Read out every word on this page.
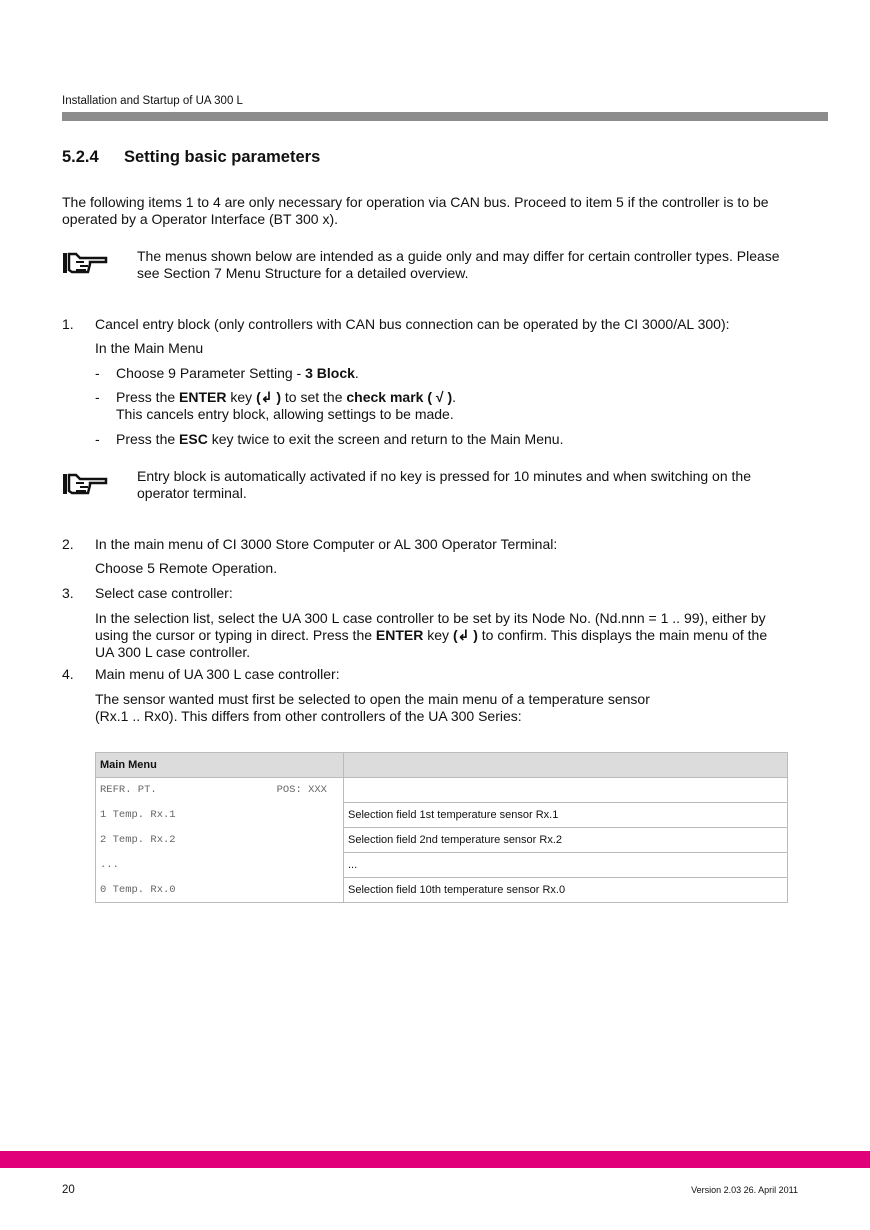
Installation and Startup of UA 300 L
5.2.4 Setting basic parameters
The following items 1 to 4 are only necessary for operation via CAN bus. Proceed to item 5 if the controller is to be operated by a Operator Interface (BT 300 x).
The menus shown below are intended as a guide only and may differ for certain controller types. Please see Section 7 Menu Structure for a detailed overview.
1. Cancel entry block (only controllers with CAN bus connection can be operated by the CI 3000/AL 300):
In the Main Menu
- Choose 9 Parameter Setting - 3 Block.
- Press the ENTER key (↲ ) to set the check mark ( √ ).
This cancels entry block, allowing settings to be made.
- Press the ESC key twice to exit the screen and return to the Main Menu.
Entry block is automatically activated if no key is pressed for 10 minutes and when switching on the operator terminal.
2. In the main menu of CI 3000 Store Computer or AL 300 Operator Terminal:
Choose 5 Remote Operation.
3. Select case controller:
In the selection list, select the UA 300 L case controller to be set by its Node No. (Nd.nnn = 1 .. 99), either by using the cursor or typing in direct. Press the ENTER key (↲ ) to confirm. This displays the main menu of the UA 300 L case controller.
4. Main menu of UA 300 L case controller:
The sensor wanted must first be selected to open the main menu of a temperature sensor
(Rx.1 .. Rx0). This differs from other controllers of the UA 300 Series:
Main Menu	
REFR. PT. POS: XXX	

1 Temp. Rx.1	Selection field 1st temperature sensor Rx.1
2 Temp. Rx.2	Selection field 2nd temperature sensor Rx.2
...	...
0 Temp. Rx.0	Selection field 10th temperature sensor Rx.0
20	Version 2.03 26. April 2011
